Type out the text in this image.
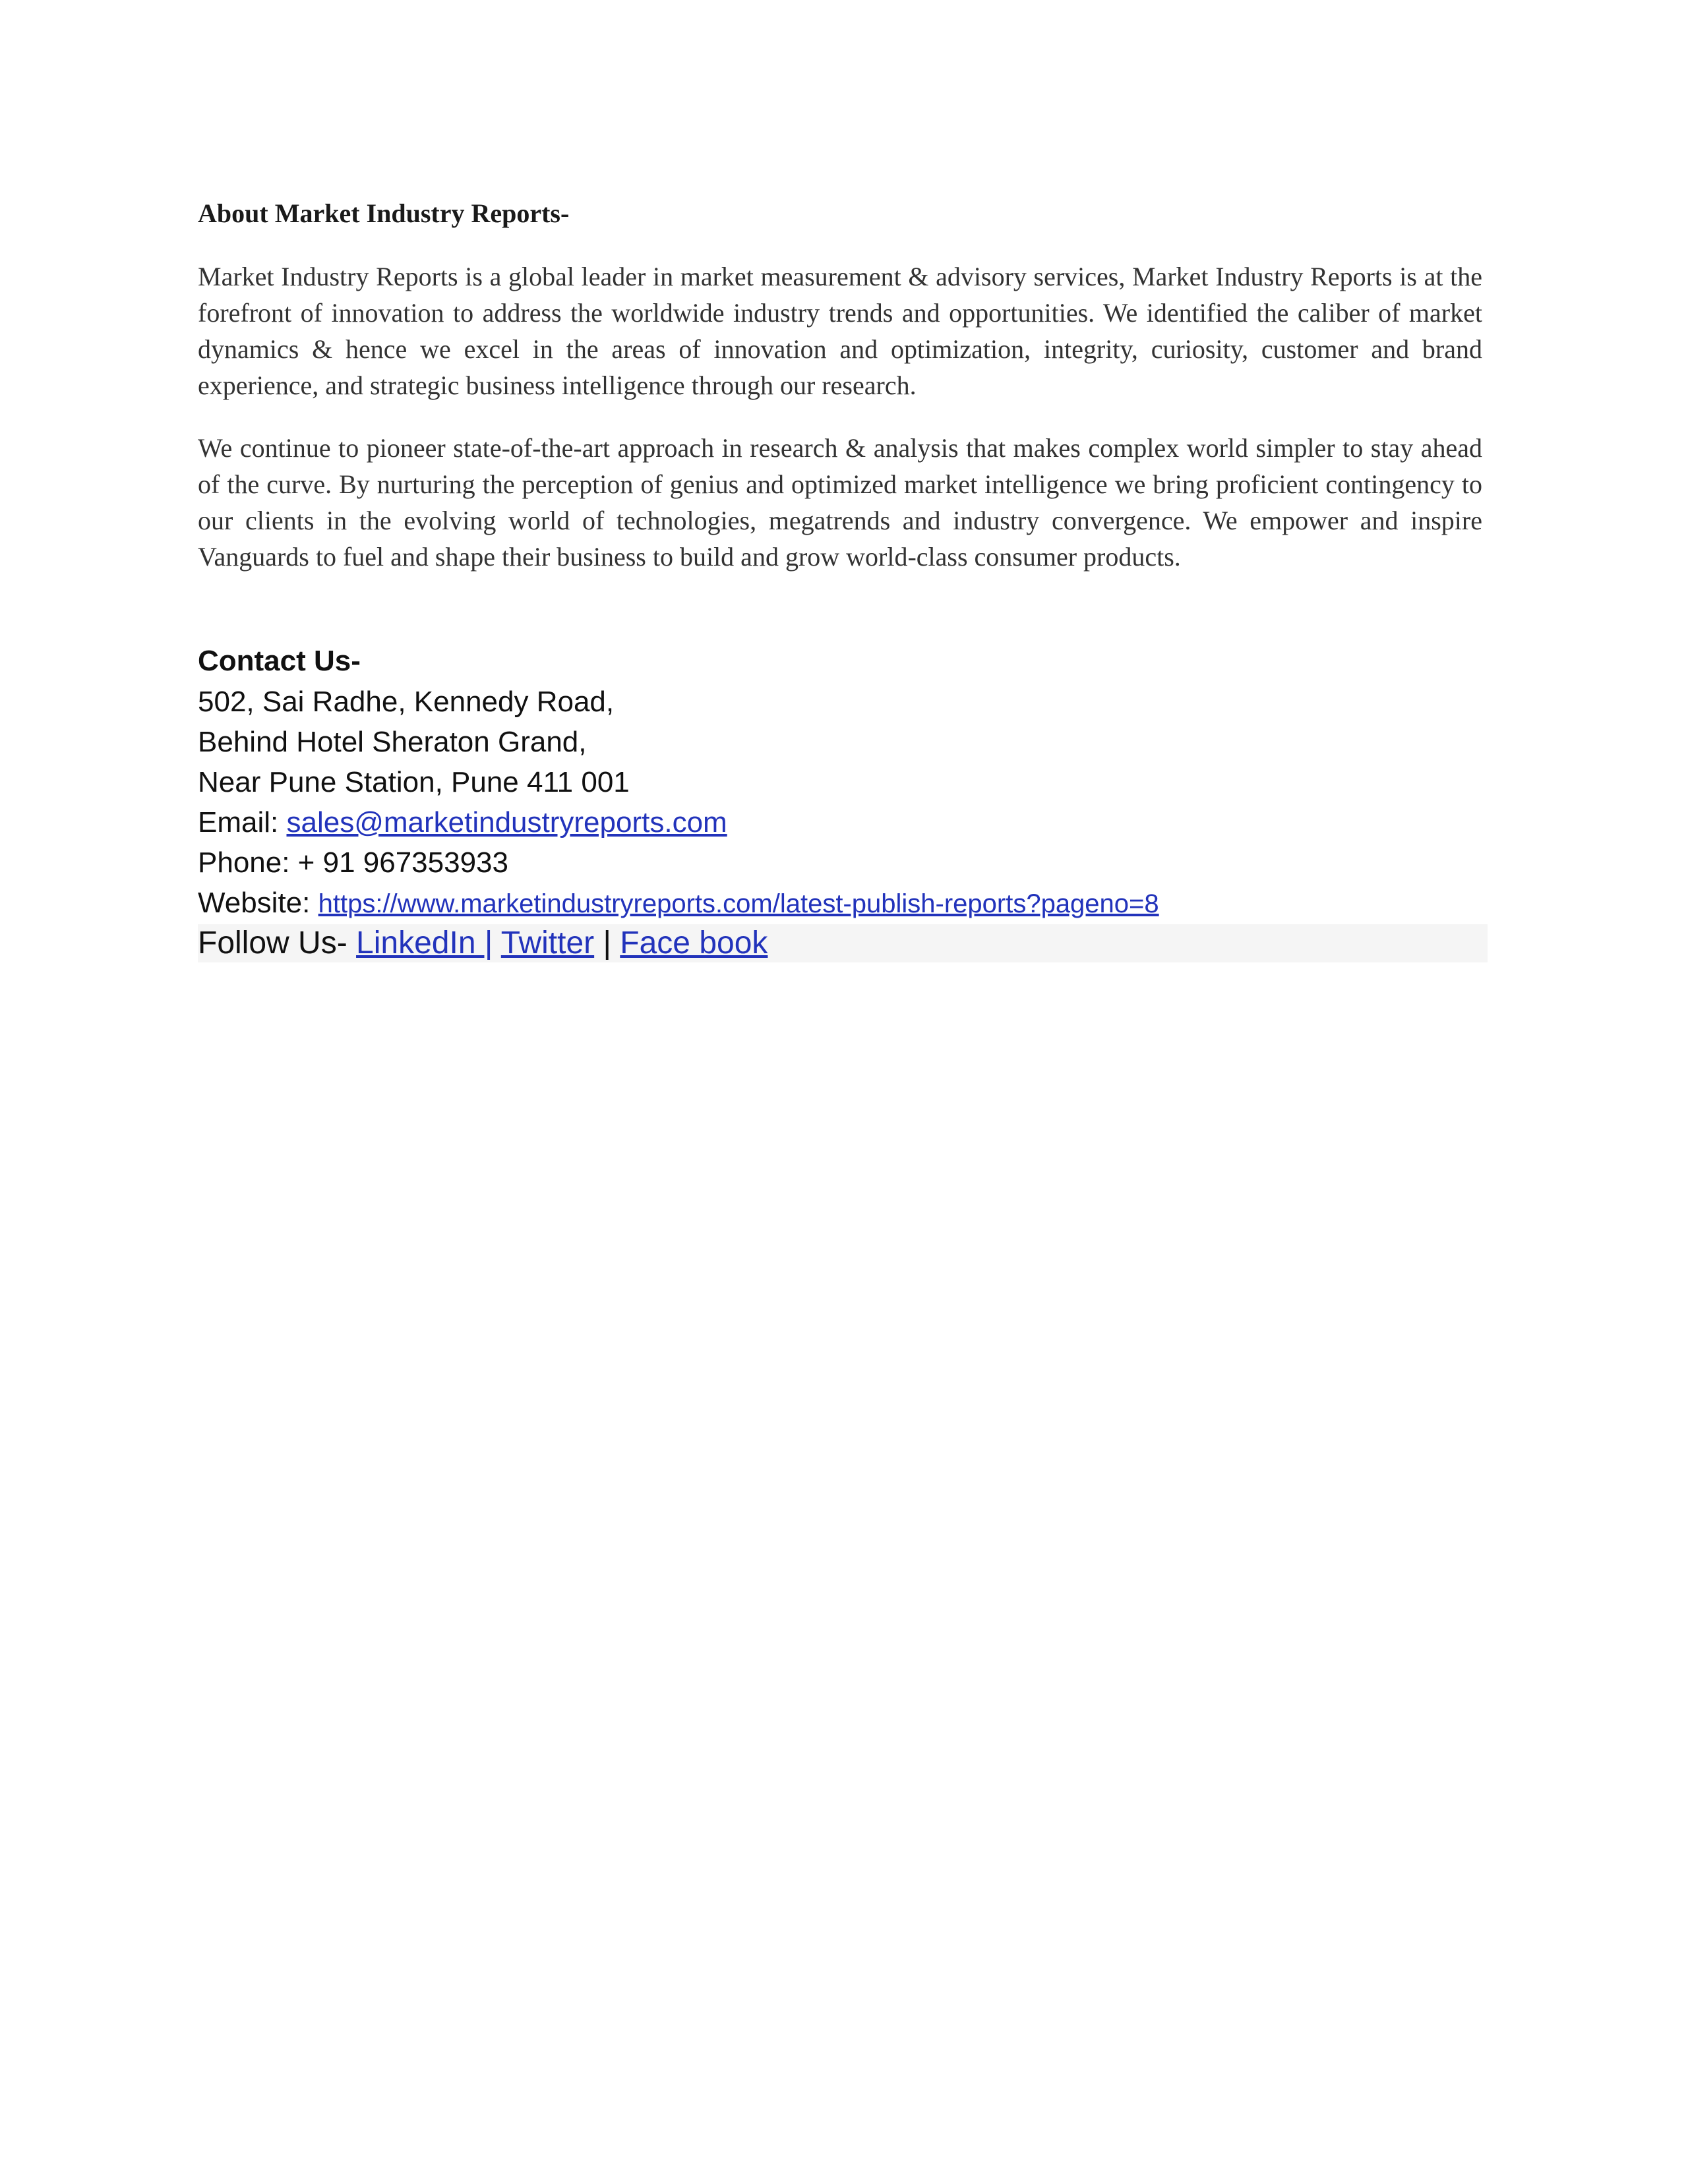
About Market Industry Reports-

Market Industry Reports is a global leader in market measurement & advisory services, Market Industry Reports is at the forefront of innovation to address the worldwide industry trends and opportunities. We identified the caliber of market dynamics & hence we excel in the areas of innovation and optimization, integrity, curiosity, customer and brand experience, and strategic business intelligence through our research.

We continue to pioneer state-of-the-art approach in research & analysis that makes complex world simpler to stay ahead of the curve. By nurturing the perception of genius and optimized market intelligence we bring proficient contingency to our clients in the evolving world of technologies, megatrends and industry convergence. We empower and inspire Vanguards to fuel and shape their business to build and grow world-class consumer products.

Contact Us-

502, Sai Radhe, Kennedy Road,

Behind Hotel Sheraton Grand,

Near Pune Station, Pune 411 001

Email: sales@marketindustryreports.com

Phone: + 91 967353933

Website: https://www.marketindustryreports.com/latest-publish-reports?pageno=8

Follow Us- LinkedIn | Twitter | Face book
